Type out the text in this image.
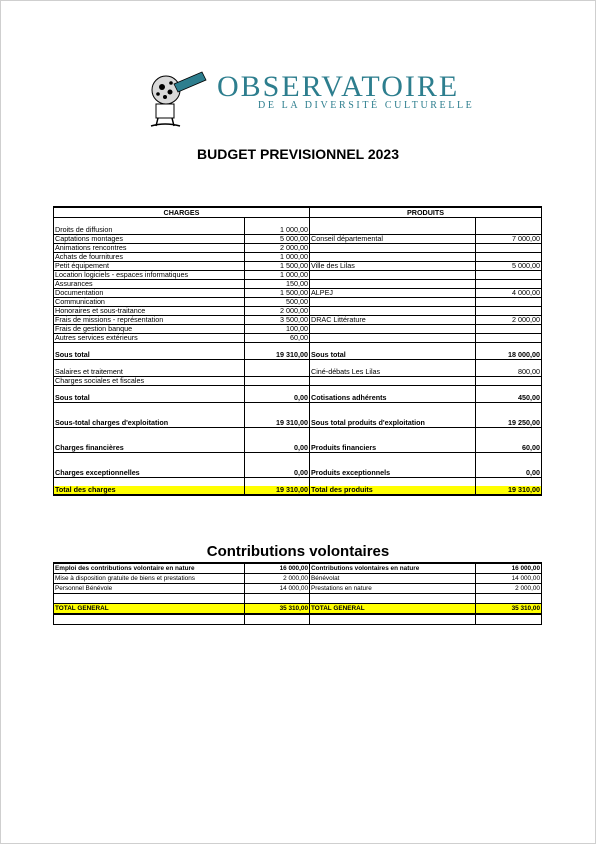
OBSERVATOIRE
DE LA DIVERSITÉ CULTURELLE
BUDGET PREVISIONNEL 2023
CHARGES		PRODUITS	

Droits de diffusion	1 000,00		
Captations montages	5 000,00	Conseil départemental	7 000,00
Animations rencontres	2 000,00		
Achats de fournitures	1 000,00		
Petit équipement	1 500,00	Ville des Lilas	5 000,00
Location logiciels - espaces informatiques	1 000,00		
Assurances	150,00		
Documentation	1 500,00	ALPEJ	4 000,00
Communication	500,00		
Honoraires et sous-traitance	2 000,00		
Frais de missions - représentation	3 500,00	DRAC Littérature	2 000,00
Frais de gestion banque	100,00		
Autres services extérieurs	60,00		

Sous total	19 310,00	Sous total	18 000,00

Salaires et traitement		Ciné-débats Les Lilas	800,00
Charges sociales et fiscales			

Sous total	0,00	Cotisations adhérents	450,00

Sous-total charges d'exploitation	19 310,00	Sous total produits d'exploitation	19 250,00

Charges financières	0,00	Produits financiers	60,00

Charges exceptionnelles	0,00	Produits exceptionnels	0,00

Total des charges	19 310,00	Total des produits	19 310,00
Contributions volontaires
Emploi des contributions volontaire en nature	16 000,00	Contributions volontaires en nature	16 000,00
Mise à disposition gratuite de biens et prestations	2 000,00	Bénévolat	14 000,00
Personnel Bénévole	14 000,00	Prestations en nature	2 000,00

TOTAL GENERAL	35 310,00	TOTAL GENERAL	35 310,00
